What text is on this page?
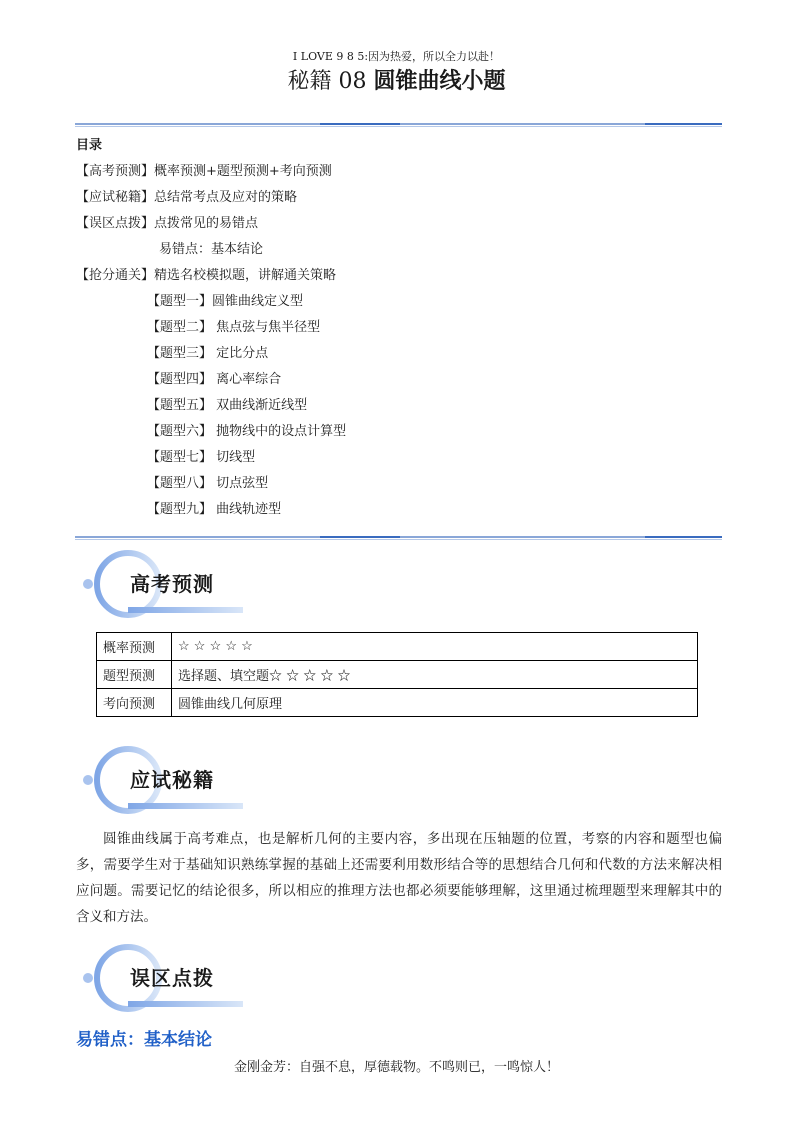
I LOVE 9 8 5:因为热爱，所以全力以赴！
秘籍 08 圆锥曲线小题
目录
【高考预测】概率预测+题型预测+考向预测
【应试秘籍】总结常考点及应对的策略
【误区点拨】点拨常见的易错点
易错点：基本结论
【抢分通关】精选名校模拟题，讲解通关策略
【题型一】圆锥曲线定义型
【题型二】 焦点弦与焦半径型
【题型三】 定比分点
【题型四】 离心率综合
【题型五】 双曲线渐近线型
【题型六】 抛物线中的设点计算型
【题型七】 切线型
【题型八】 切点弦型
【题型九】 曲线轨迹型
高考预测
概率预测	☆ ☆ ☆ ☆ ☆
题型预测	选择题、填空题☆ ☆ ☆ ☆ ☆
考向预测	圆锥曲线几何原理
应试秘籍
圆锥曲线属于高考难点，也是解析几何的主要内容，多出现在压轴题的位置，考察的内容和题型也偏多，需要学生对于基础知识熟练掌握的基础上还需要利用数形结合等的思想结合几何和代数的方法来解决相应问题。需要记忆的结论很多，所以相应的推理方法也都必须要能够理解，这里通过梳理题型来理解其中的含义和方法。
误区点拨
易错点：基本结论
金刚金芳：自强不息，厚德载物。不鸣则已，一鸣惊人！
